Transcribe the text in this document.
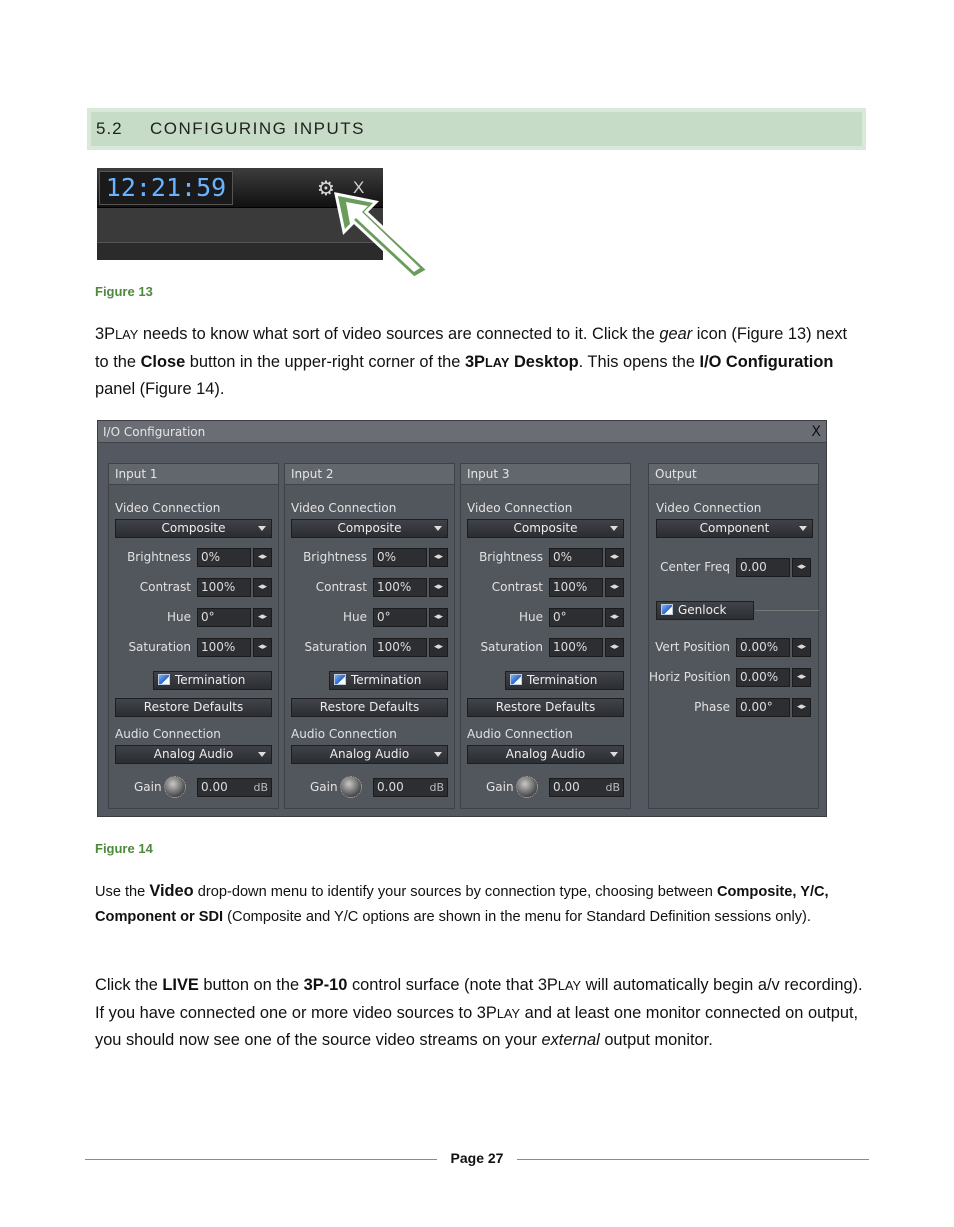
5.2	CONFIGURING INPUTS
12:21:59	⚙ X
Figure 13
3PLAY needs to know what sort of video sources are connected to it. Click the gear icon (Figure 13) next to the Close button in the upper-right corner of the 3PLAY Desktop. This opens the I/O Configuration panel (Figure 14).
I/O Configuration	X
Input 1
Video Connection
Composite
Brightness 0%	◂▸
Contrast 100%	◂▸
Hue 0°	◂▸
Saturation 100%	◂▸
Termination
Restore Defaults
Audio Connection
Analog Audio
Gain	0.00 dB
Input 2
Video Connection
Composite
Brightness 0%	◂▸
Contrast 100%	◂▸
Hue 0°	◂▸
Saturation 100%	◂▸
Termination
Restore Defaults
Audio Connection
Analog Audio
Gain	0.00 dB
Input 3
Video Connection
Composite
Brightness 0%	◂▸
Contrast 100%	◂▸
Hue 0°	◂▸
Saturation 100%	◂▸
Termination
Restore Defaults
Audio Connection
Analog Audio
Gain	0.00 dB
Output
Video Connection
Component
Center Freq 0.00	◂▸
Genlock
Vert Position 0.00%	◂▸
Horiz Position 0.00%	◂▸
Phase 0.00°	◂▸
Figure 14
Use the Video drop-down menu to identify your sources by connection type, choosing between Composite, Y/C, Component or SDI (Composite and Y/C options are shown in the menu for Standard Definition sessions only).
Click the LIVE button on the 3P-10 control surface (note that 3PLAY will automatically begin a/v recording). If you have connected one or more video sources to 3PLAY and at least one monitor connected on output, you should now see one of the source video streams on your external output monitor.
Page 27
